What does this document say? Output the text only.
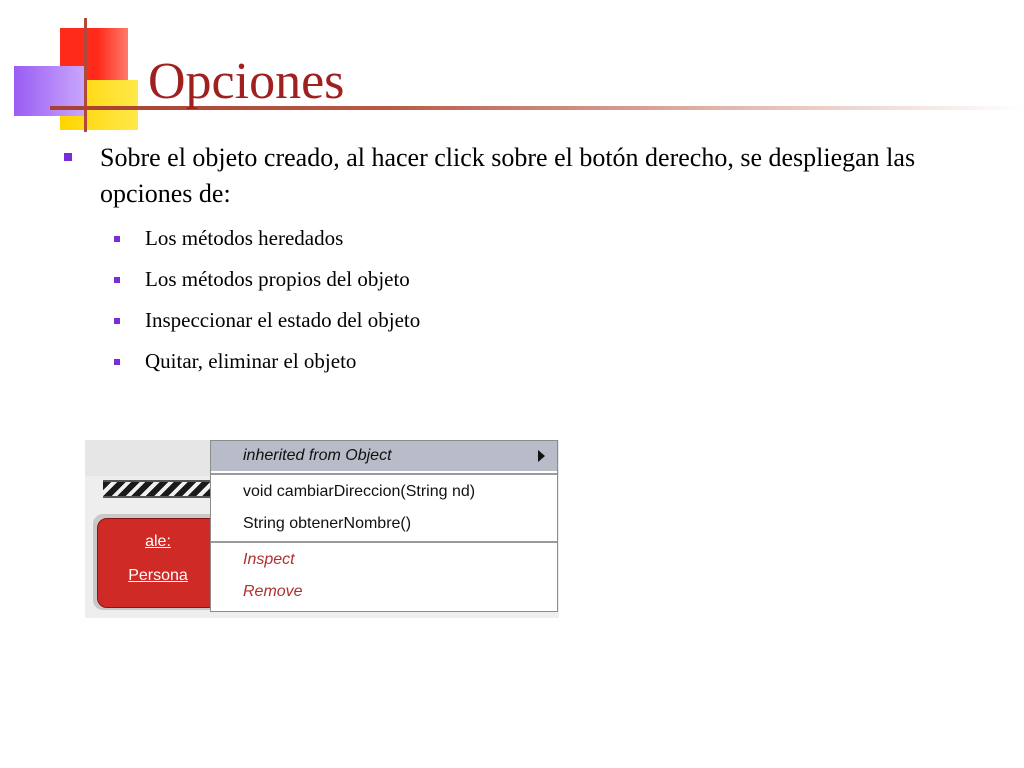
Opciones
Sobre el objeto creado, al hacer click sobre el botón derecho, se despliegan las opciones de:
Los métodos heredados
Los métodos propios del objeto
Inspeccionar el estado del objeto
Quitar, eliminar el objeto
ale:
Persona
inherited from Object
void cambiarDireccion(String nd)
String obtenerNombre()
Inspect
Remove
